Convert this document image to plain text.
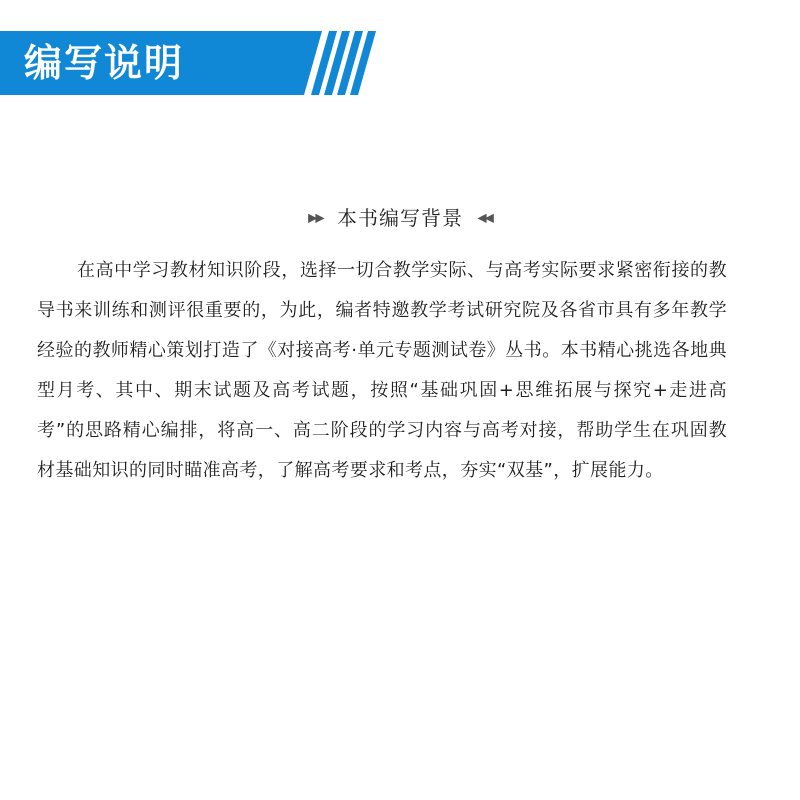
编写说明
▶▶ 本书编写背景 ◀◀

在高中学习教材知识阶段，选择一切合教学实际、与高考实际要求紧密衔接的教导书来训练和测评很重要的，为此，编者特邀教学考试研究院及各省市具有多年教学经验的教师精心策划打造了《对接高考·单元专题测试卷》丛书。本书精心挑选各地典型月考、其中、期末试题及高考试题，按照“基础巩固+思维拓展与探究+走进高考”的思路精心编排，将高一、高二阶段的学习内容与高考对接，帮助学生在巩固教材基础知识的同时瞄准高考，了解高考要求和考点，夯实“双基”，扩展能力。
